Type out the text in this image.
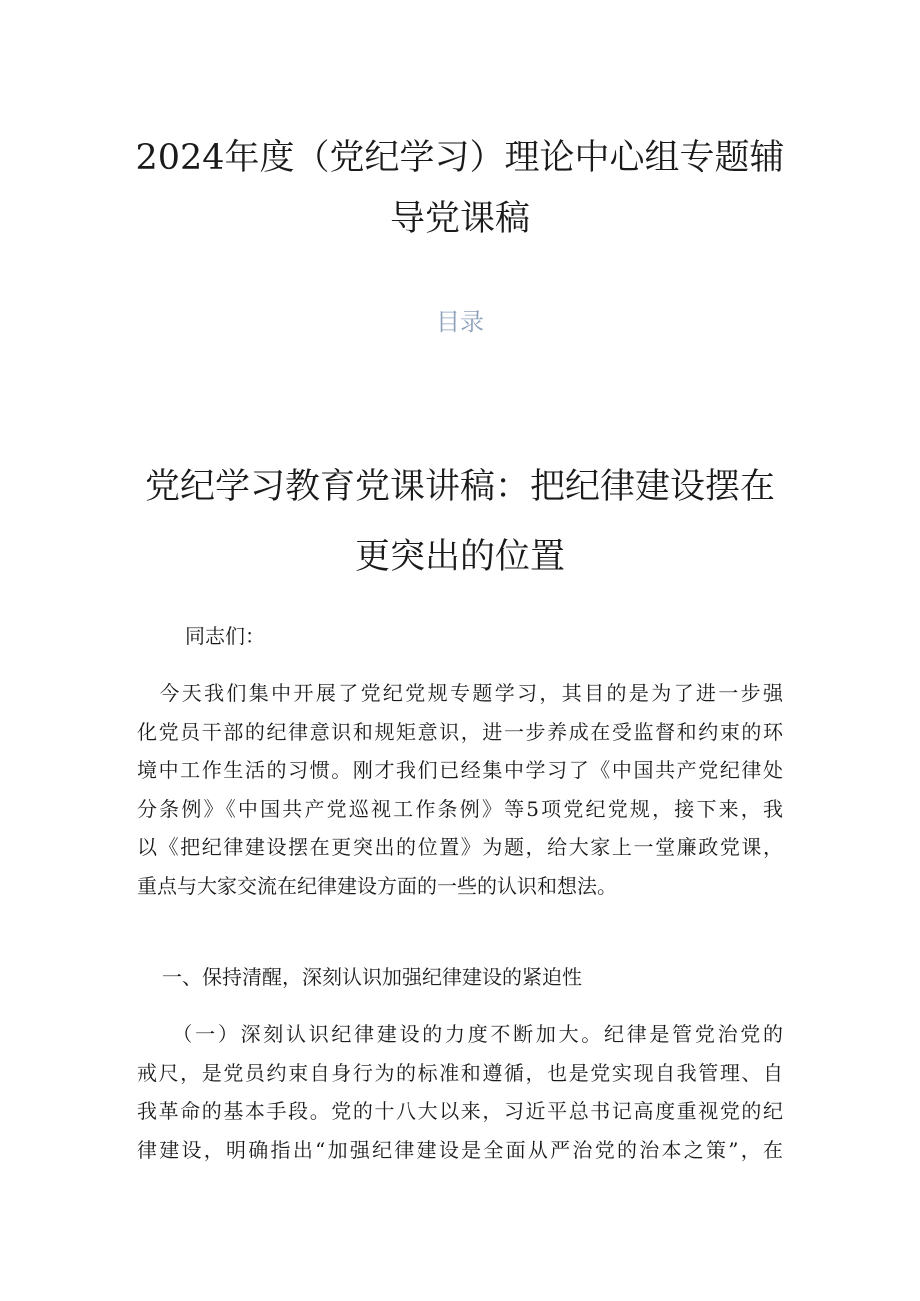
2024年度（党纪学习）理论中心组专题辅
导党课稿
目录
党纪学习教育党课讲稿：把纪律建设摆在
更突出的位置

同志们：

　今天我们集中开展了党纪党规专题学习，其目的是为了进一步强
化党员干部的纪律意识和规矩意识，进一步养成在受监督和约束的环
境中工作生活的习惯。刚才我们已经集中学习了《中国共产党纪律处
分条例》《中国共产党巡视工作条例》等5项党纪党规，接下来，我
以《把纪律建设摆在更突出的位置》为题，给大家上一堂廉政党课，
重点与大家交流在纪律建设方面的一些的认识和想法。

一、保持清醒，深刻认识加强纪律建设的紧迫性

　　（一）深刻认识纪律建设的力度不断加大。纪律是管党治党的
戒尺，是党员约束自身行为的标准和遵循，也是党实现自我管理、自
我革命的基本手段。党的十八大以来，习近平总书记高度重视党的纪
律建设，明确指出“加强纪律建设是全面从严治党的治本之策”，在
